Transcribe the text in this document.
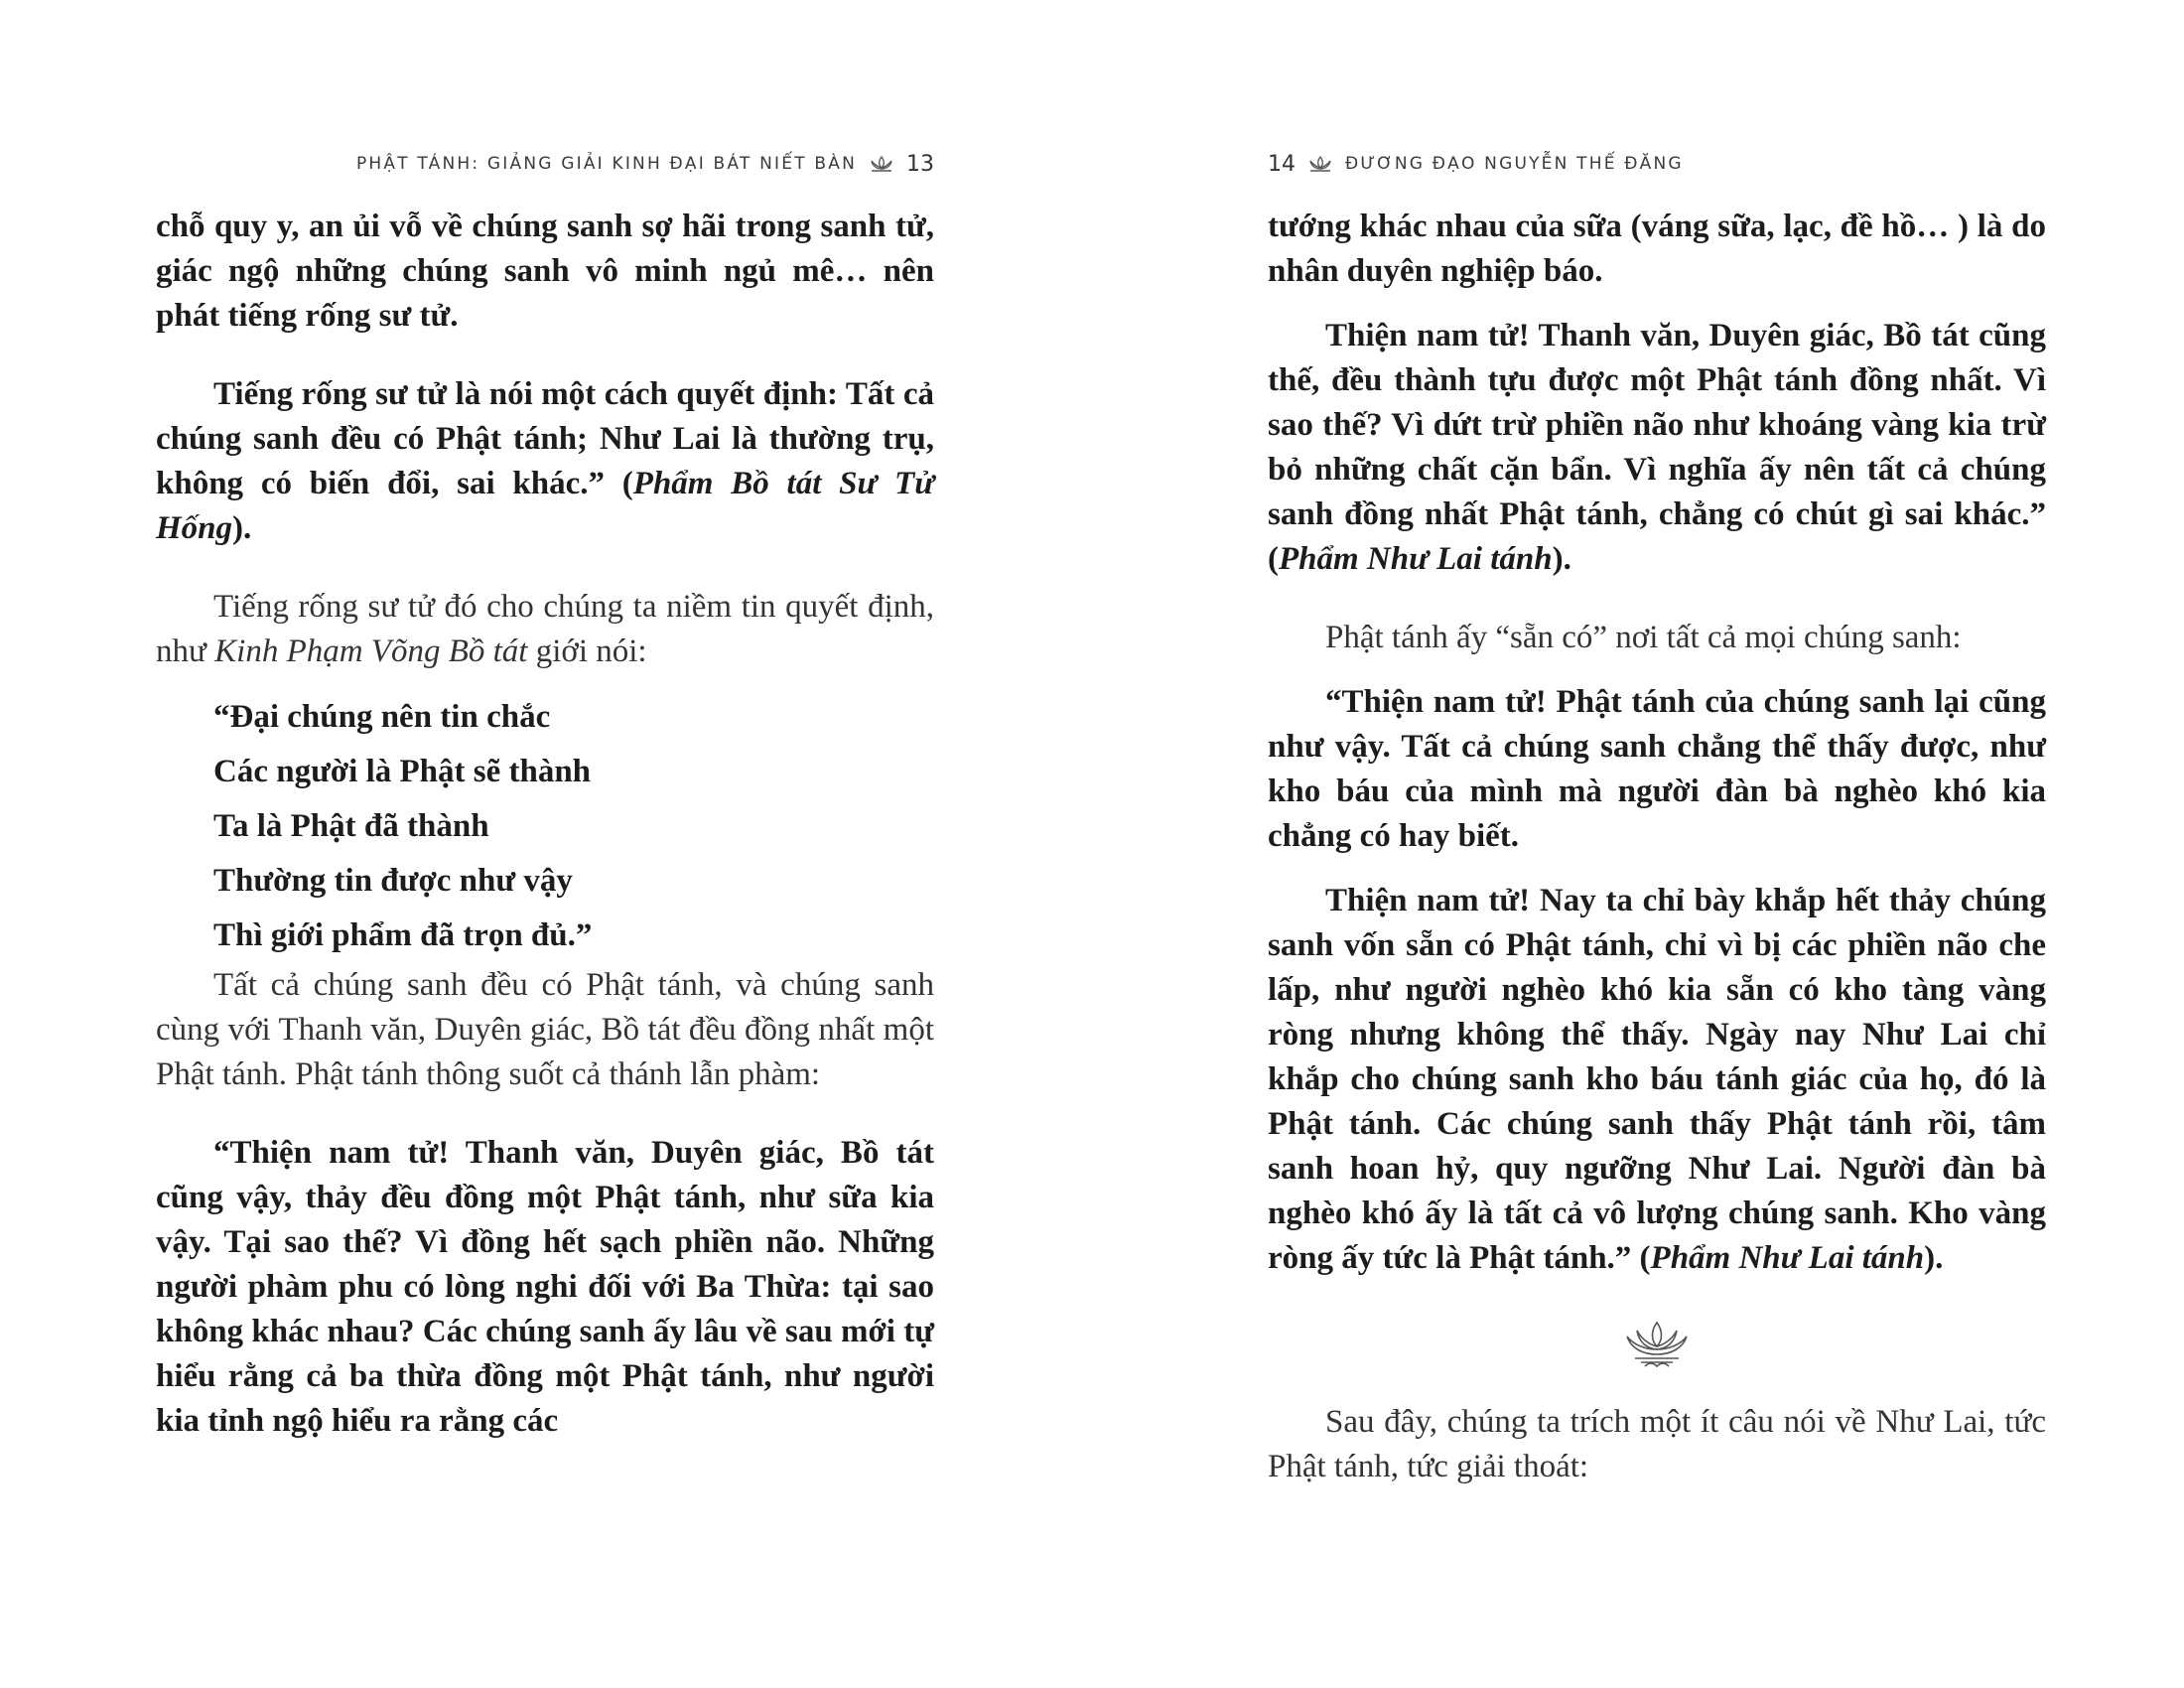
PHẬT TÁNH: GIẢNG GIẢI KINH ĐẠI BÁT NIẾT BÀN 13

chỗ quy y, an ủi vỗ về chúng sanh sợ hãi trong sanh tử, giác ngộ những chúng sanh vô minh ngủ mê… nên phát tiếng rống sư tử.

Tiếng rống sư tử là nói một cách quyết định: Tất cả chúng sanh đều có Phật tánh; Như Lai là thường trụ, không có biến đổi, sai khác.” (Phẩm Bồ tát Sư Tử Hống).

Tiếng rống sư tử đó cho chúng ta niềm tin quyết định, như Kinh Phạm Võng Bồ tát giới nói:

“Đại chúng nên tin chắc

Các người là Phật sẽ thành

Ta là Phật đã thành

Thường tin được như vậy

Thì giới phẩm đã trọn đủ.”

Tất cả chúng sanh đều có Phật tánh, và chúng sanh cùng với Thanh văn, Duyên giác, Bồ tát đều đồng nhất một Phật tánh. Phật tánh thông suốt cả thánh lẫn phàm:

“Thiện nam tử! Thanh văn, Duyên giác, Bồ tát cũng vậy, thảy đều đồng một Phật tánh, như sữa kia vậy. Tại sao thế? Vì đồng hết sạch phiền não. Những người phàm phu có lòng nghi đối với Ba Thừa: tại sao không khác nhau? Các chúng sanh ấy lâu về sau mới tự hiểu rằng cả ba thừa đồng một Phật tánh, như người kia tỉnh ngộ hiểu ra rằng các

14	ĐƯƠNG ĐẠO NGUYỄN THẾ ĐĂNG

tướng khác nhau của sữa (váng sữa, lạc, đề hồ… ) là do nhân duyên nghiệp báo.

Thiện nam tử! Thanh văn, Duyên giác, Bồ tát cũng thế, đều thành tựu được một Phật tánh đồng nhất. Vì sao thế? Vì dứt trừ phiền não như khoáng vàng kia trừ bỏ những chất cặn bẩn. Vì nghĩa ấy nên tất cả chúng sanh đồng nhất Phật tánh, chẳng có chút gì sai khác.” (Phẩm Như Lai tánh).

Phật tánh ấy “sẵn có” nơi tất cả mọi chúng sanh:

“Thiện nam tử! Phật tánh của chúng sanh lại cũng như vậy. Tất cả chúng sanh chẳng thể thấy được, như kho báu của mình mà người đàn bà nghèo khó kia chẳng có hay biết.

Thiện nam tử! Nay ta chỉ bày khắp hết thảy chúng sanh vốn sẵn có Phật tánh, chỉ vì bị các phiền não che lấp, như người nghèo khó kia sẵn có kho tàng vàng ròng nhưng không thể thấy. Ngày nay Như Lai chỉ khắp cho chúng sanh kho báu tánh giác của họ, đó là Phật tánh. Các chúng sanh thấy Phật tánh rồi, tâm sanh hoan hỷ, quy ngưỡng Như Lai. Người đàn bà nghèo khó ấy là tất cả vô lượng chúng sanh. Kho vàng ròng ấy tức là Phật tánh.” (Phẩm Như Lai tánh).

Sau đây, chúng ta trích một ít câu nói về Như Lai, tức Phật tánh, tức giải thoát:
